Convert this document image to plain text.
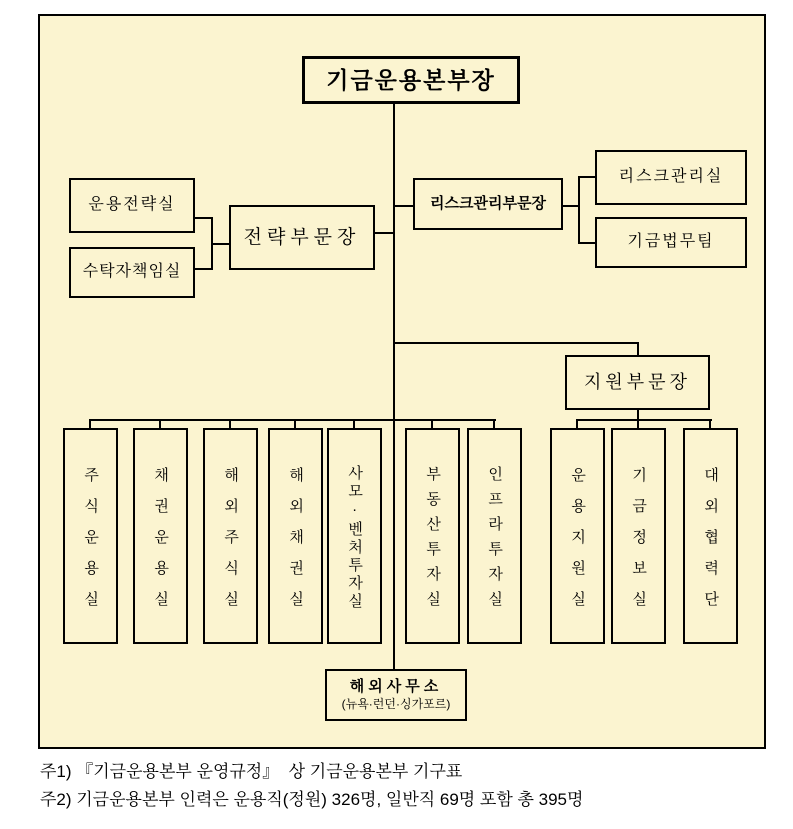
기금운용본부장
전략부문장
운용전략실
수탁자책임실
리스크관리부문장
리스크관리실
기금법무팀
지원부문장
주식운용실	채권운용실	해외주식실	해외채권실	사모·벤처투자실	부동산투자실	인프라투자실	운용지원실	기금정보실	대외협력단
해외사무소
(뉴욕·런던·싱가포르)
주1) 『기금운용본부 운영규정』  상 기금운용본부 기구표
주2) 기금운용본부 인력은 운용직(정원) 326명, 일반직 69명 포함 총 395명
